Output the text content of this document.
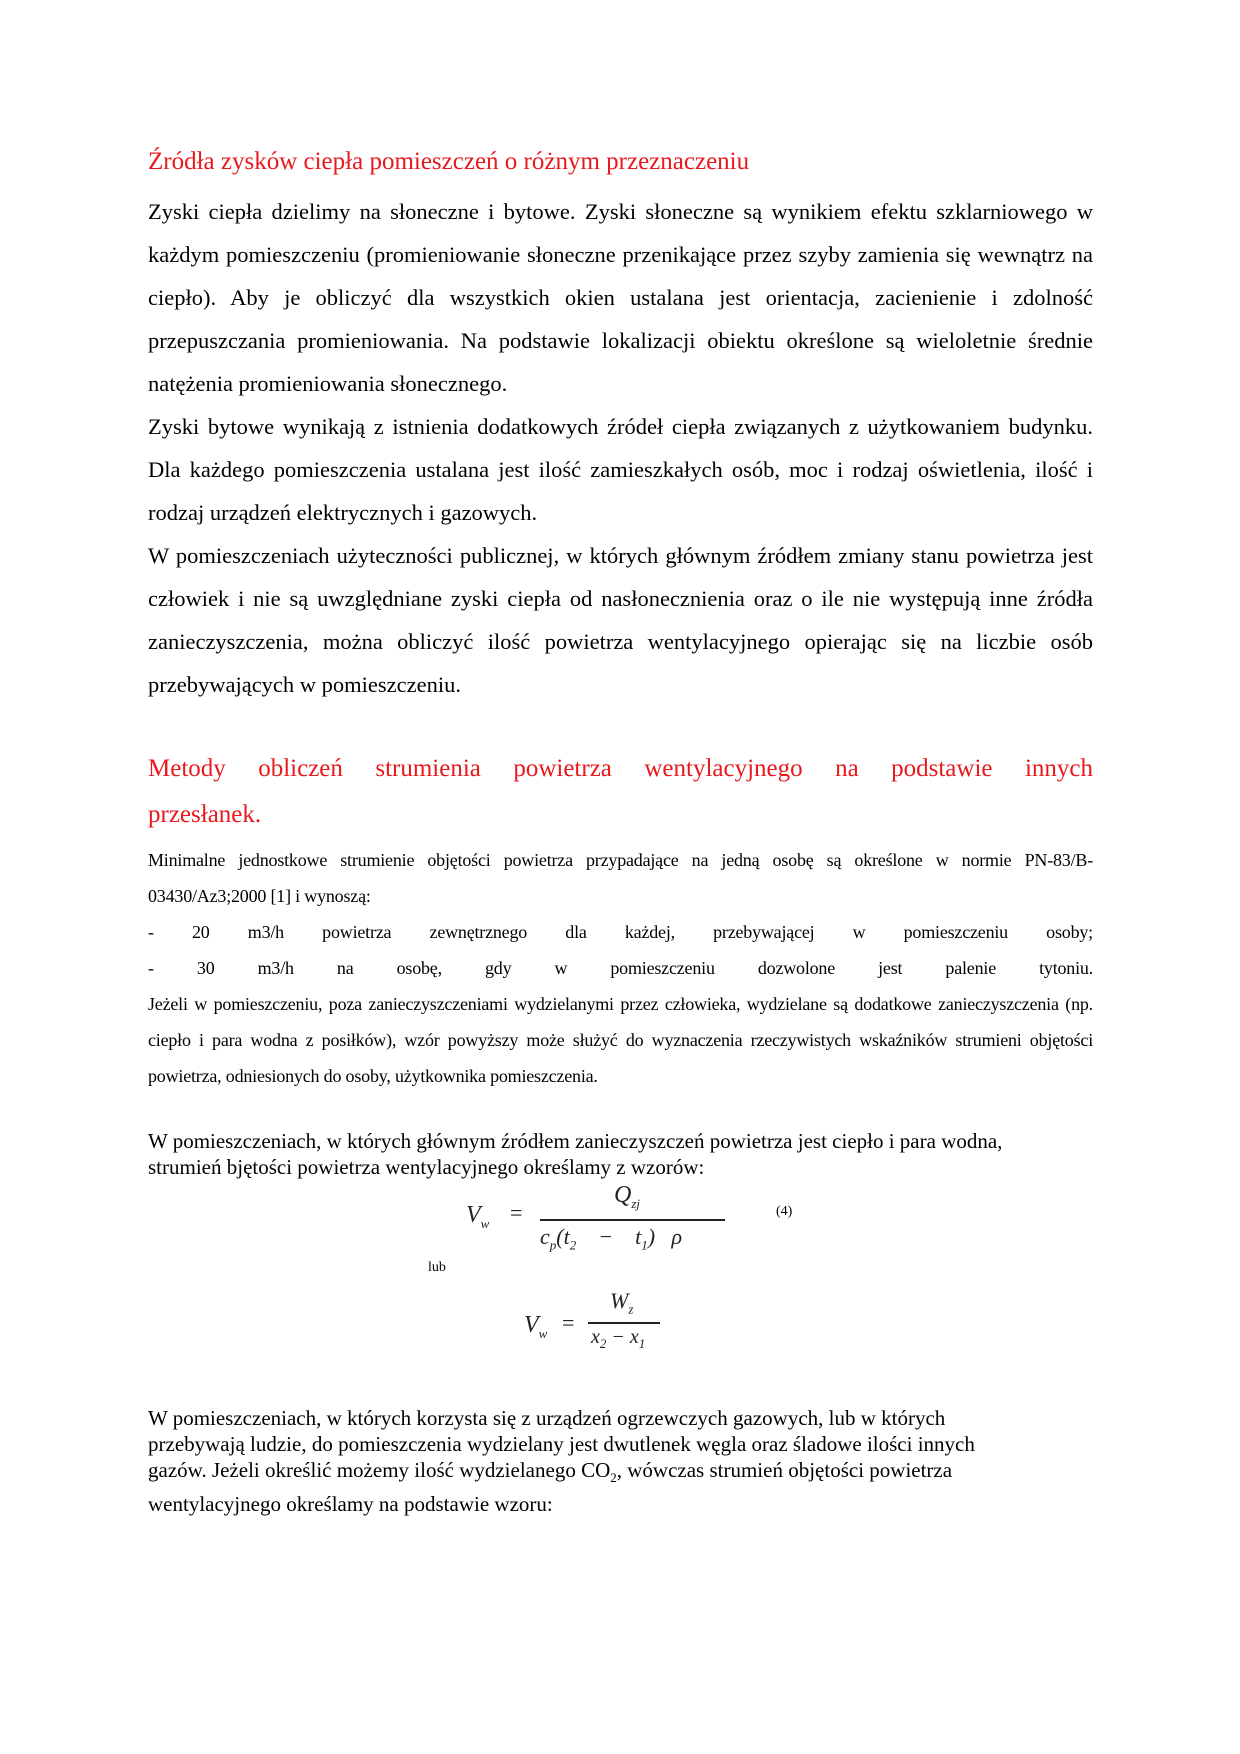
Źródła zysków ciepła pomieszczeń o różnym przeznaczeniu

Zyski ciepła dzielimy na słoneczne i bytowe. Zyski słoneczne są wynikiem efektu szklarniowego w każdym pomieszczeniu (promieniowanie słoneczne przenikające przez szyby zamienia się wewnątrz na ciepło). Aby je obliczyć dla wszystkich okien ustalana jest orientacja, zacienienie i zdolność przepuszczania promieniowania. Na podstawie lokalizacji obiektu określone są wieloletnie średnie natężenia promieniowania słonecznego.

Zyski bytowe wynikają z istnienia dodatkowych źródeł ciepła związanych z użytkowaniem budynku. Dla każdego pomieszczenia ustalana jest ilość zamieszkałych osób, moc i rodzaj oświetlenia, ilość i rodzaj urządzeń elektrycznych i gazowych.

W pomieszczeniach użyteczności publicznej, w których głównym źródłem zmiany stanu powietrza jest człowiek i nie są uwzględniane zyski ciepła od nasłonecznienia oraz o ile nie występują inne źródła zanieczyszczenia, można obliczyć ilość powietrza wentylacyjnego opierając się na liczbie osób przebywających w pomieszczeniu.

Metody obliczeń strumienia powietrza wentylacyjnego na podstawie innych
przesłanek.

Minimalne jednostkowe strumienie objętości powietrza przypadające na jedną osobę są określone w normie PN-83/B-03430/Az3;2000 [1] i wynoszą:

- 20 m3/h powietrza zewnętrznego dla każdej, przebywającej w pomieszczeniu osoby;
- 30 m3/h na osobę, gdy w pomieszczeniu dozwolone jest palenie tytoniu.

Jeżeli w pomieszczeniu, poza zanieczyszczeniami wydzielanymi przez człowieka, wydzielane są dodatkowe zanieczyszczenia (np. ciepło i para wodna z posiłków), wzór powyższy może służyć do wyznaczenia rzeczywistych wskaźników strumieni objętości powietrza, odniesionych do osoby, użytkownika pomieszczenia.

W pomieszczeniach, w których głównym źródłem zanieczyszczeń powietrza jest ciepło i para wodna,
strumień bjętości powietrza wentylacyjnego określamy z wzorów:

$V_w$ =
$Q_{zj}$
$c_p(t_2$    −    $t_1$)   ρ
(4)
lub
$V_w$ =
$W_z$
$x_2 - x_1$

W pomieszczeniach, w których korzysta się z urządzeń ogrzewczych gazowych, lub w których
przebywają ludzie, do pomieszczenia wydzielany jest dwutlenek węgla oraz śladowe ilości innych
gazów. Jeżeli określić możemy ilość wydzielanego $CO_2$, wówczas strumień objętości powietrza
wentylacyjnego określamy na podstawie wzoru:
